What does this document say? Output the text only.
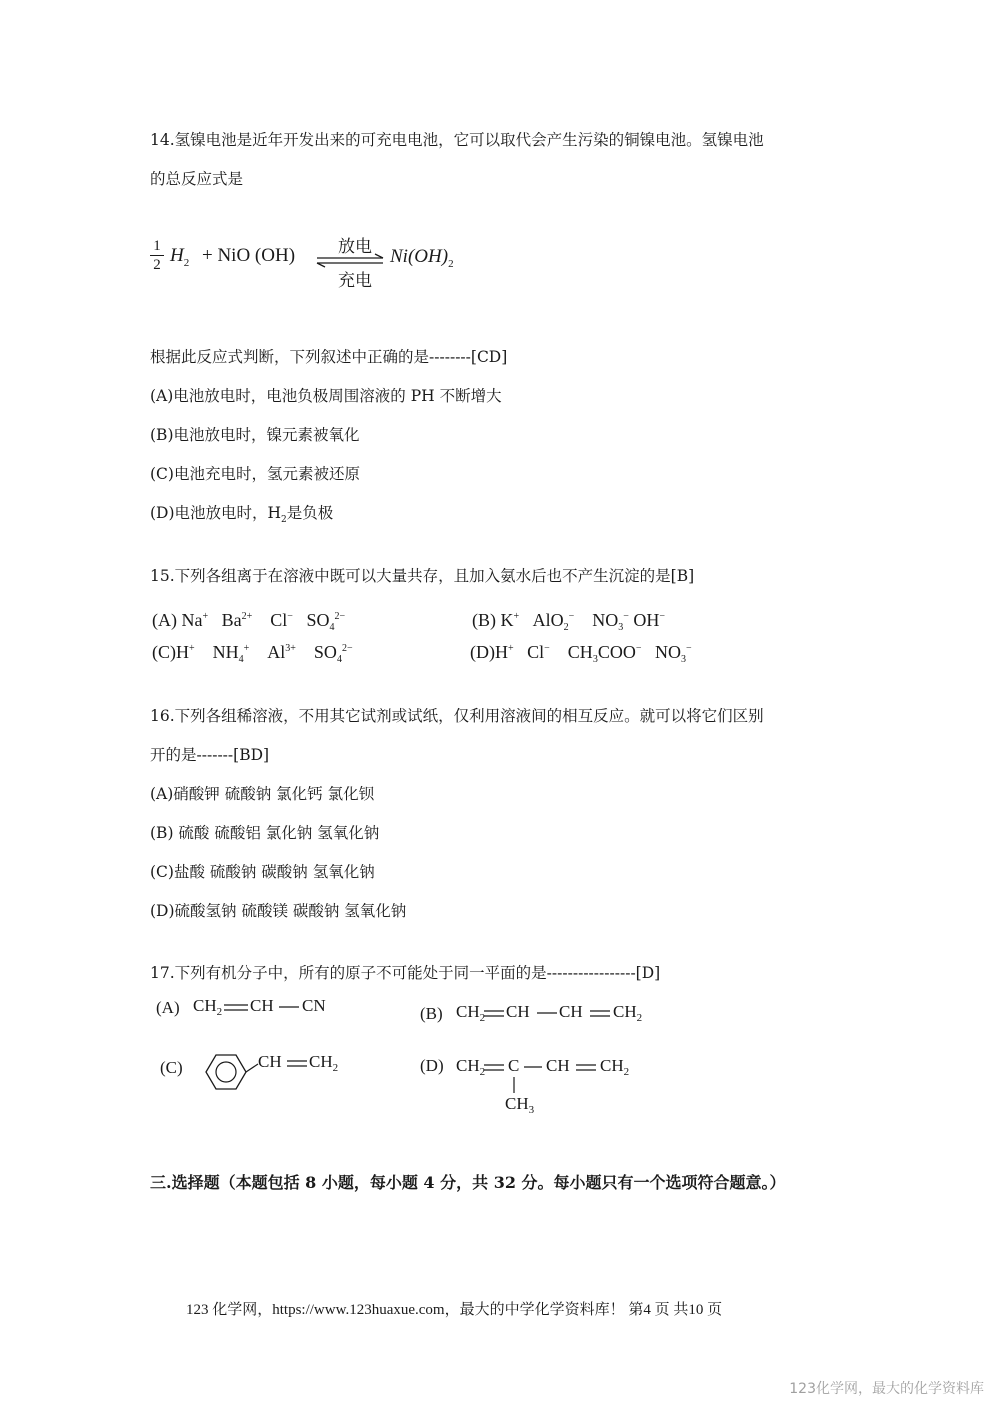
14.氢镍电池是近年开发出来的可充电电池，它可以取代会产生污染的铜镍电池。氢镍电池
的总反应式是
1
2 $H_2$ + NiO (OH)	放电
充电
$Ni(OH)_2$
根据此反应式判断，下列叙述中正确的是--------[CD]
(A)电池放电时，电池负极周围溶液的 PH 不断增大
(B)电池放电时，镍元素被氧化
(C)电池充电时，氢元素被还原
(D)电池放电时，$H_2$是负极
15.下列各组离于在溶液中既可以大量共存，且加入氨水后也不产生沉淀的是[B]
(A) Na+ $Ba^{2+}$ Cl− $SO_4^{2-}$	(B) K+ AlO$_2$− $NO_3^-$ OH−
(C)H+ $NH_4^+$ $Al^{3+}$ $SO_4^{2-}$	(D)H+ Cl− $CH_3COO^-$ $NO_3^-$
16.下列各组稀溶液，不用其它试剂或试纸，仅利用溶液间的相互反应。就可以将它们区别
开的是-------[BD]
(A)硝酸钾 硫酸钠 氯化钙 氯化钡
(B) 硫酸 硫酸铝 氯化钠 氢氧化钠
(C)盐酸 硫酸钠 碳酸钠 氢氧化钠
(D)硫酸氢钠 硫酸镁 碳酸钠 氢氧化钠
17.下列有机分子中，所有的原子不可能处于同一平面的是-----------------[D]
(A) $CH_2$ CH CN	(B) $CH_2$ CH CH $CH_2$
(C)	CH $CH_2$	(D) $CH_2$ C CH $CH_2$
$CH_3$
三.选择题（本题包括 8 小题，每小题 4 分，共 32 分。每小题只有一个选项符合题意。）
123 化学网，https://www.123huaxue.com，最大的中学化学资料库！ 第4 页 共10 页
123化学网，最大的化学资料库
